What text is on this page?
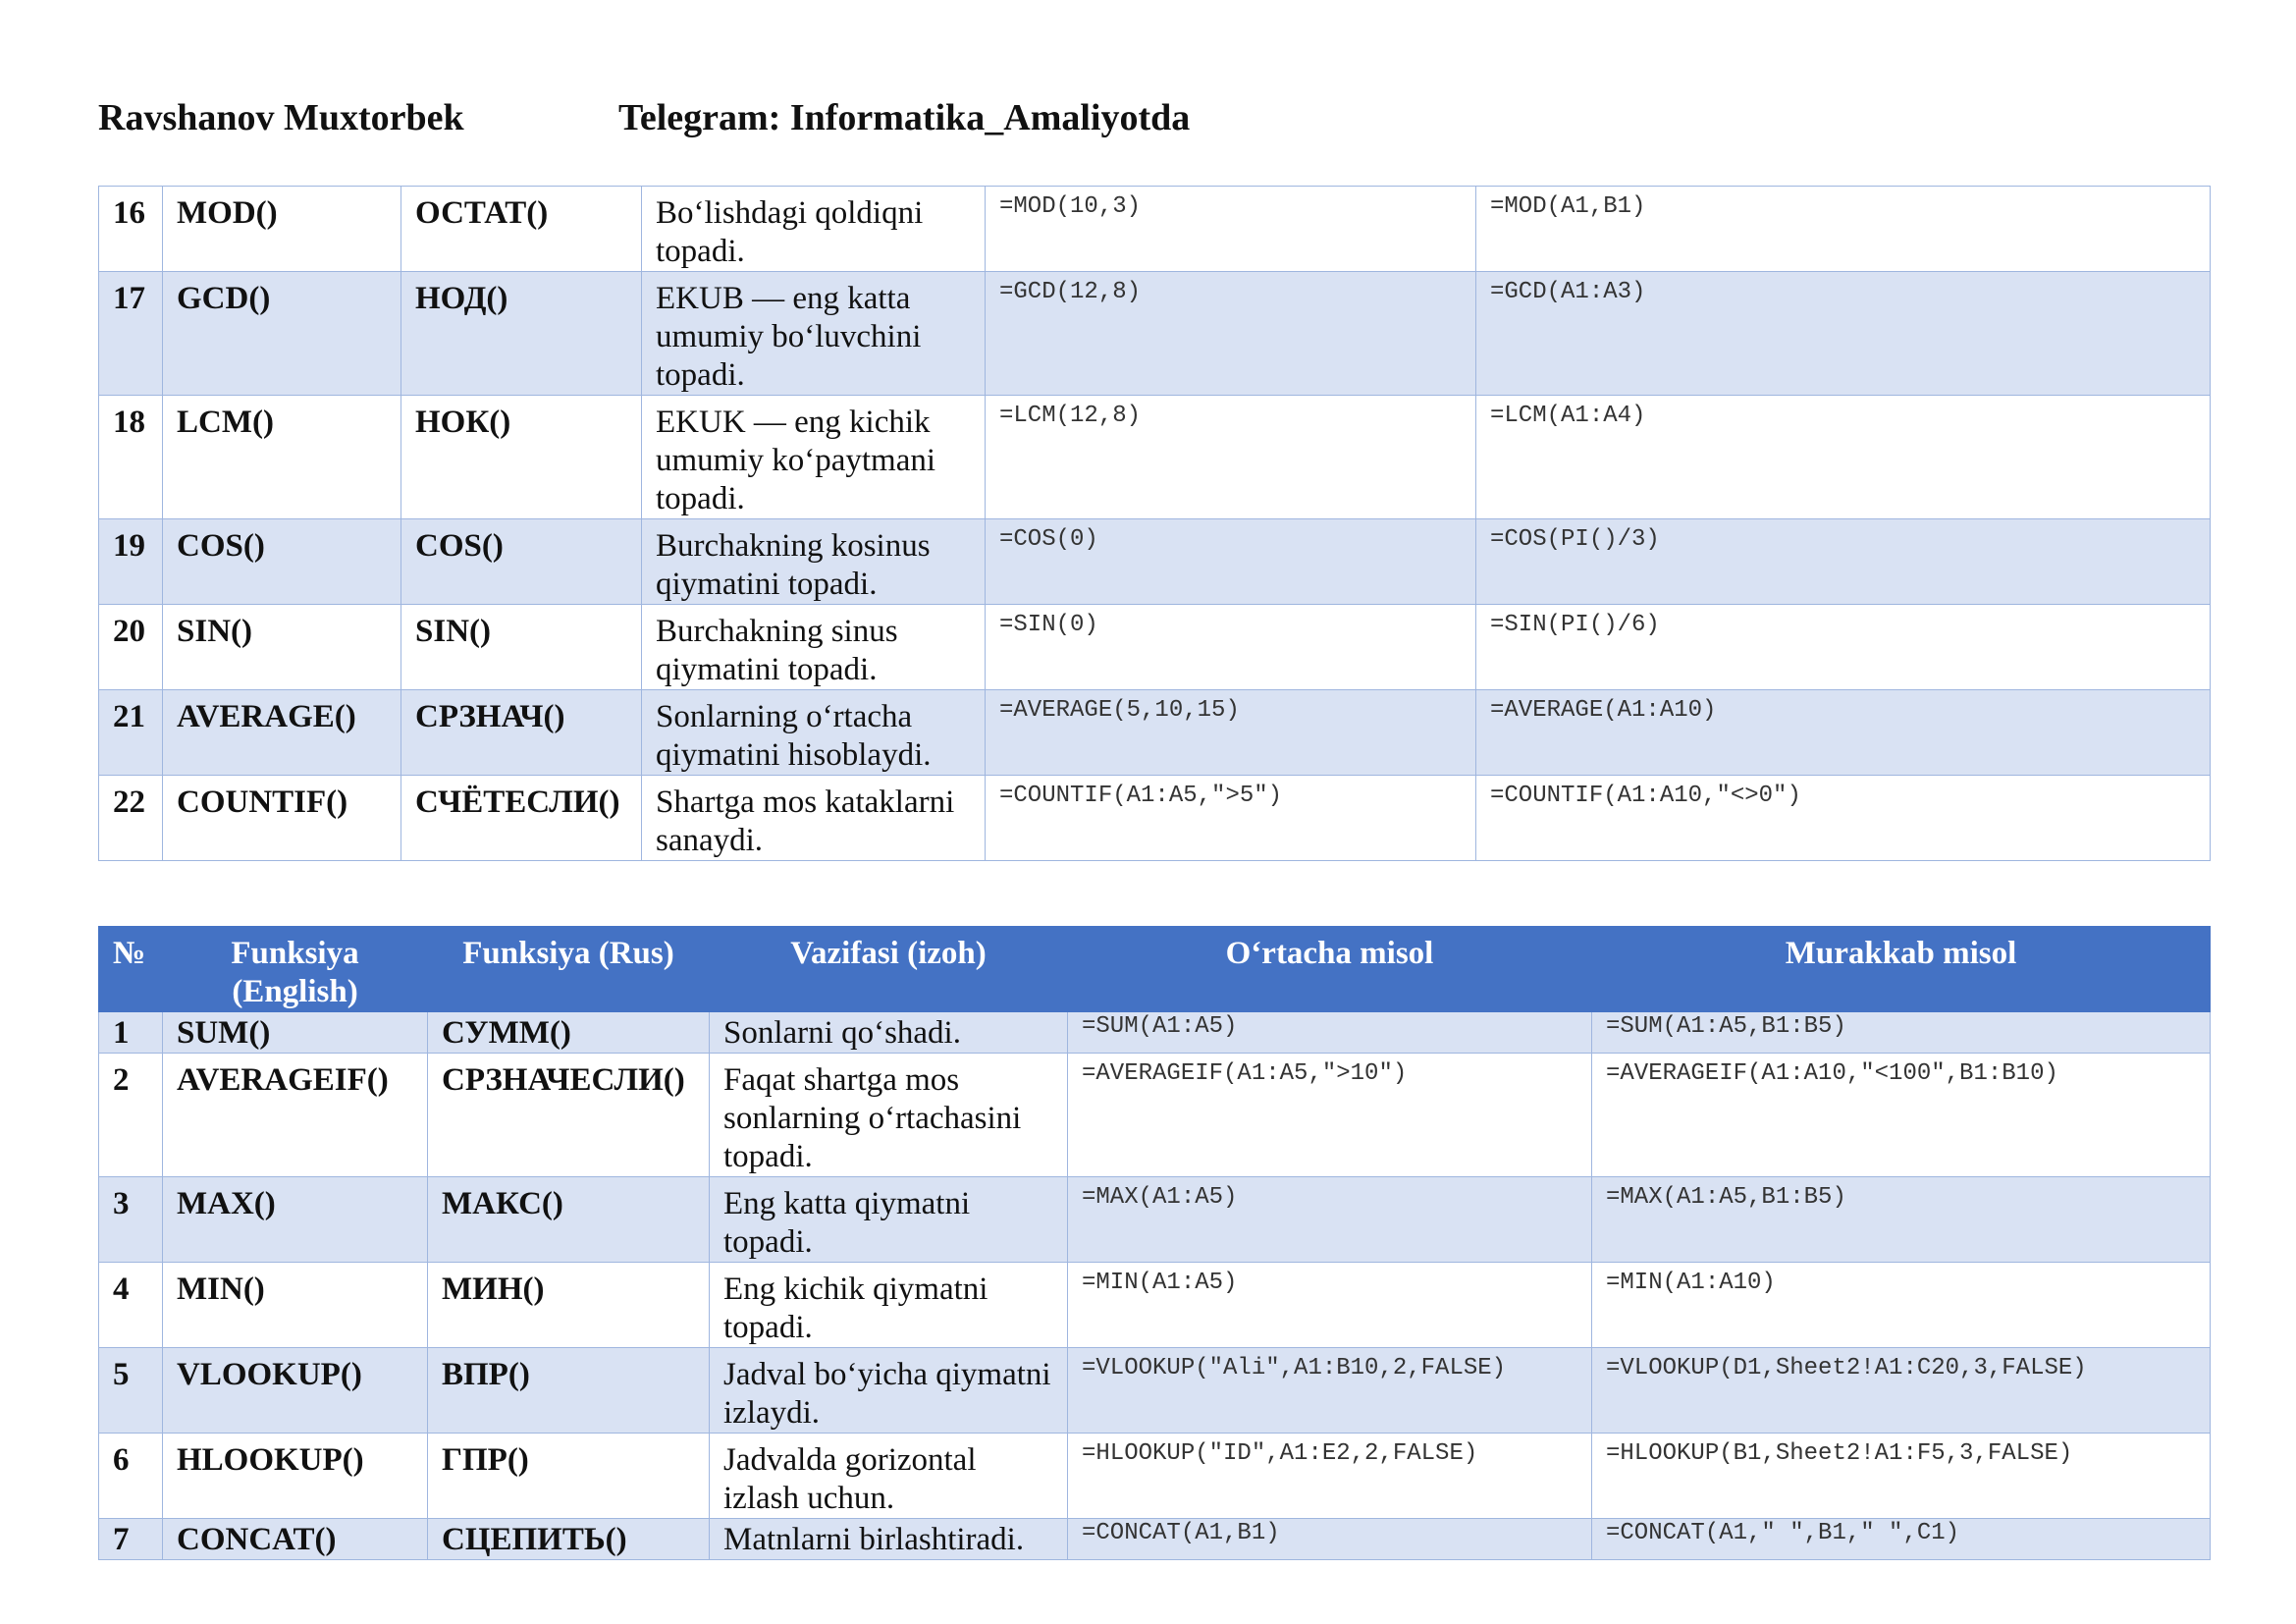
Ravshanov Muxtorbek	Telegram: Informatika_Amaliyotda
16	MOD()	ОСТАТ()	Bo‘lishdagi qoldiqni topadi.	=MOD(10,3)	=MOD(A1,B1)
17	GCD()	НОД()	EKUB — eng katta umumiy bo‘luvchini topadi.	=GCD(12,8)	=GCD(A1:A3)
18	LCM()	НОК()	EKUK — eng kichik umumiy ko‘paytmani topadi.	=LCM(12,8)	=LCM(A1:A4)
19	COS()	COS()	Burchakning kosinus qiymatini topadi.	=COS(0)	=COS(PI()/3)
20	SIN()	SIN()	Burchakning sinus qiymatini topadi.	=SIN(0)	=SIN(PI()/6)
21	AVERAGE()	СРЗНАЧ()	Sonlarning o‘rtacha qiymatini hisoblaydi.	=AVERAGE(5,10,15)	=AVERAGE(A1:A10)
22	COUNTIF()	СЧЁТЕСЛИ()	Shartga mos kataklarni sanaydi.	=COUNTIF(A1:A5,">5")	=COUNTIF(A1:A10,"<>0")
№	Funksiya (English)	Funksiya (Rus)	Vazifasi (izoh)	O‘rtacha misol	Murakkab misol
1	SUM()	СУММ()	Sonlarni qo‘shadi.	=SUM(A1:A5)	=SUM(A1:A5,B1:B5)
2	AVERAGEIF()	СРЗНАЧЕСЛИ()	Faqat shartga mos sonlarning o‘rtachasini topadi.	=AVERAGEIF(A1:A5,">10")	=AVERAGEIF(A1:A10,"<100",B1:B10)
3	MAX()	МАКС()	Eng katta qiymatni topadi.	=MAX(A1:A5)	=MAX(A1:A5,B1:B5)
4	MIN()	МИН()	Eng kichik qiymatni topadi.	=MIN(A1:A5)	=MIN(A1:A10)
5	VLOOKUP()	ВПР()	Jadval bo‘yicha qiymatni izlaydi.	=VLOOKUP("Ali",A1:B10,2,FALSE)	=VLOOKUP(D1,Sheet2!A1:C20,3,FALSE)
6	HLOOKUP()	ГПР()	Jadvalda gorizontal izlash uchun.	=HLOOKUP("ID",A1:E2,2,FALSE)	=HLOOKUP(B1,Sheet2!A1:F5,3,FALSE)
7	CONCAT()	СЦЕПИТЬ()	Matnlarni birlashtiradi.	=CONCAT(A1,B1)	=CONCAT(A1," ",B1," ",C1)
